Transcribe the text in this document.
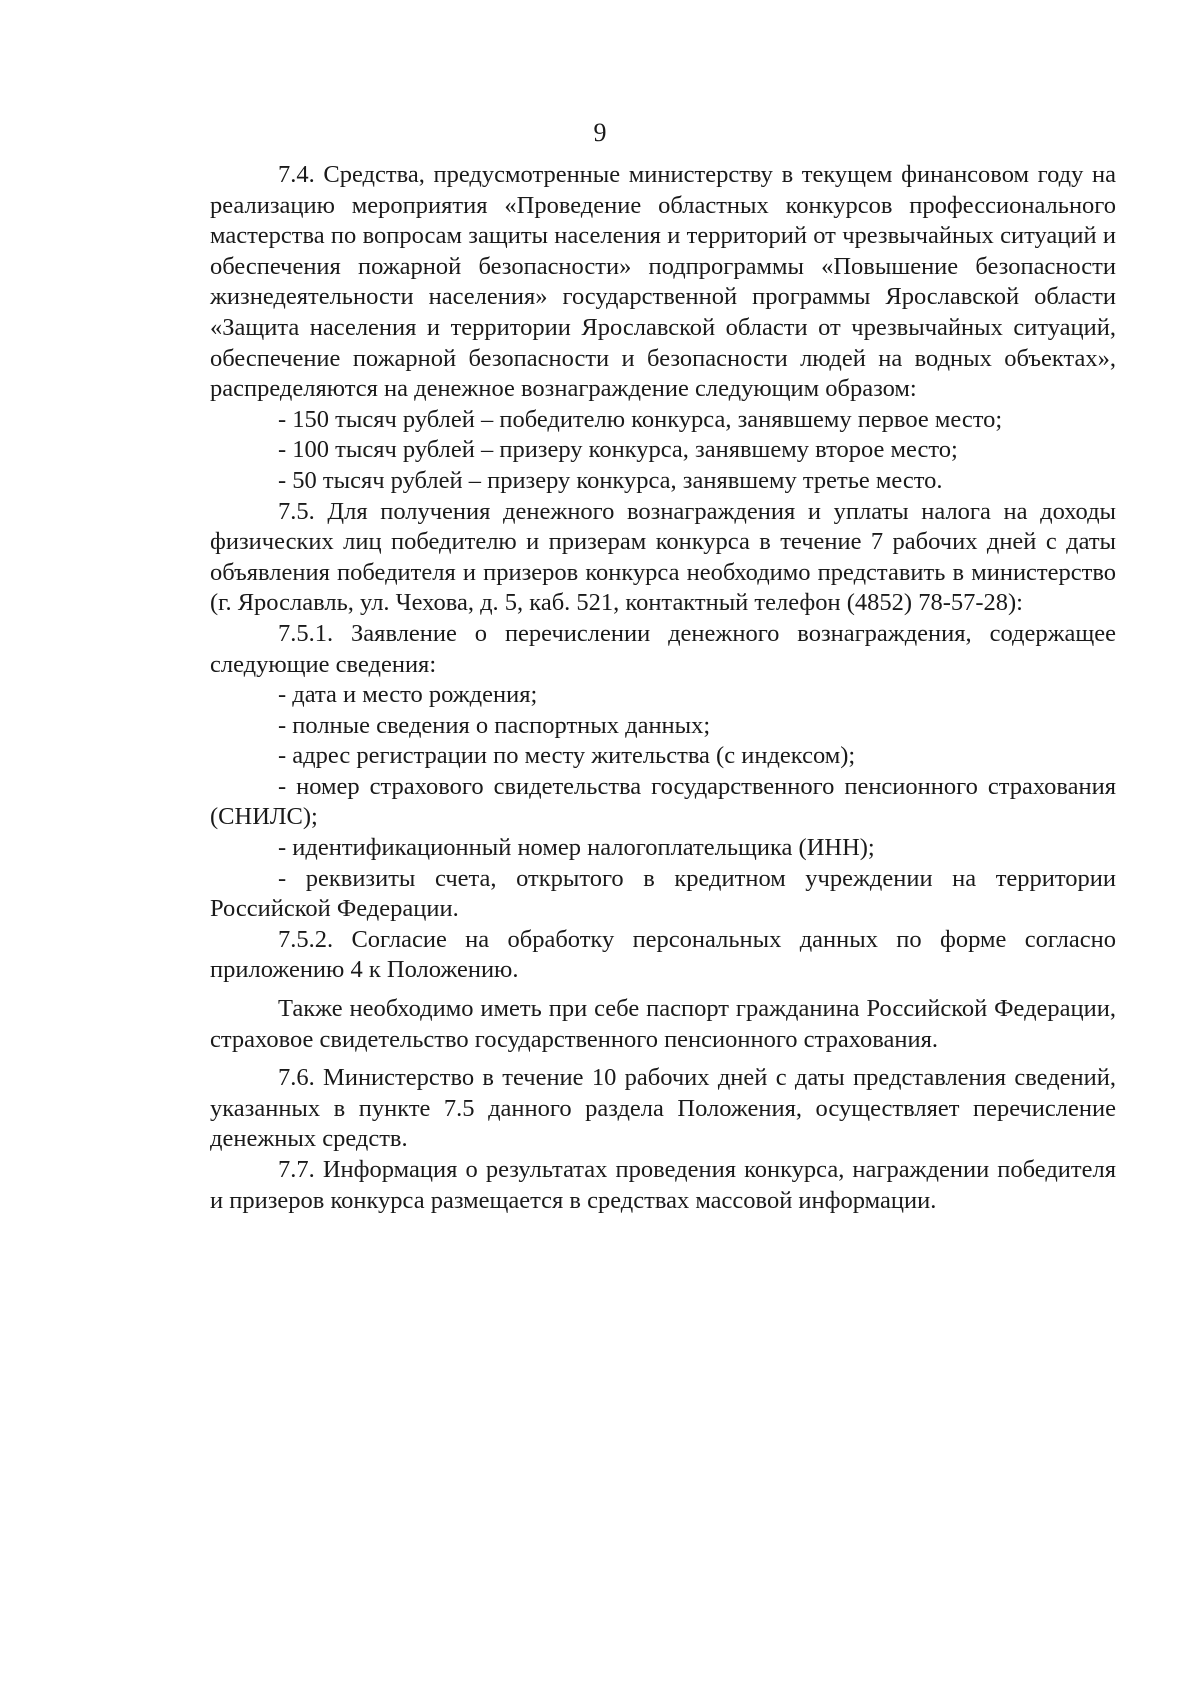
9

7.4. Средства, предусмотренные министерству в текущем финансовом году на реализацию мероприятия «Проведение областных конкурсов профессионального мастерства по вопросам защиты населения и территорий от чрезвычайных ситуаций и обеспечения пожарной безопасности» подпрограммы «Повышение безопасности жизнедеятельности населения» государственной программы Ярославской области «Защита населения и территории Ярославской области от чрезвычайных ситуаций, обеспечение пожарной безопасности и безопасности людей на водных объектах», распределяются на денежное вознаграждение следующим образом:

- 150 тысяч рублей – победителю конкурса, занявшему первое место;

- 100 тысяч рублей – призеру конкурса, занявшему второе место;

- 50 тысяч рублей – призеру конкурса, занявшему третье место.

7.5. Для получения денежного вознаграждения и уплаты налога на доходы физических лиц победителю и призерам конкурса в течение 7 рабочих дней с даты объявления победителя и призеров конкурса необходимо представить в министерство (г. Ярославль, ул. Чехова, д. 5, каб. 521, контактный телефон (4852) 78-57-28):

7.5.1. Заявление о перечислении денежного вознаграждения, содержащее следующие сведения:

- дата и место рождения;

- полные сведения о паспортных данных;

- адрес регистрации по месту жительства (с индексом);

- номер страхового свидетельства государственного пенсионного страхования (СНИЛС);

- идентификационный номер налогоплательщика (ИНН);

- реквизиты счета, открытого в кредитном учреждении на территории Российской Федерации.

7.5.2. Согласие на обработку персональных данных по форме согласно приложению 4 к Положению.

Также необходимо иметь при себе паспорт гражданина Российской Федерации, страховое свидетельство государственного пенсионного страхования.

7.6. Министерство в течение 10 рабочих дней с даты представления сведений, указанных в пункте 7.5 данного раздела Положения, осуществляет перечисление денежных средств.

7.7. Информация о результатах проведения конкурса, награждении победителя и призеров конкурса размещается в средствах массовой информации.
